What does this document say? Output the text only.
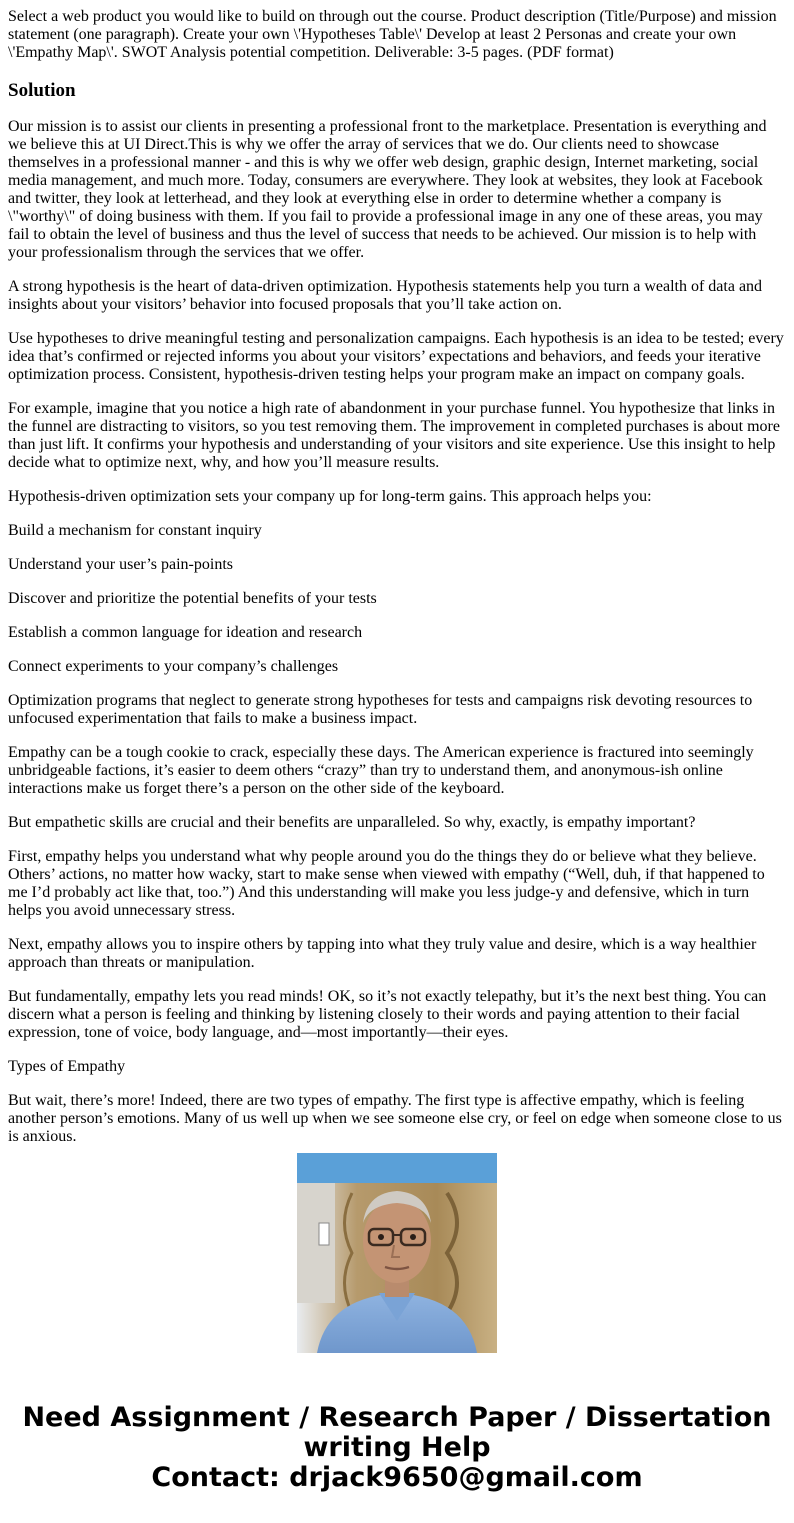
Select a web product you would like to build on through out the course. Product description (Title/Purpose) and mission statement (one paragraph). Create your own \'Hypotheses Table\' Develop at least 2 Personas and create your own \'Empathy Map\'. SWOT Analysis potential competition. Deliverable: 3-5 pages. (PDF format)

Solution

Our mission is to assist our clients in presenting a professional front to the marketplace. Presentation is everything and we believe this at UI Direct.This is why we offer the array of services that we do. Our clients need to showcase themselves in a professional manner - and this is why we offer web design, graphic design, Internet marketing, social media management, and much more. Today, consumers are everywhere. They look at websites, they look at Facebook and twitter, they look at letterhead, and they look at everything else in order to determine whether a company is \"worthy\" of doing business with them. If you fail to provide a professional image in any one of these areas, you may fail to obtain the level of business and thus the level of success that needs to be achieved. Our mission is to help with your professionalism through the services that we offer.

A strong hypothesis is the heart of data-driven optimization. Hypothesis statements help you turn a wealth of data and insights about your visitors’ behavior into focused proposals that you’ll take action on.

Use hypotheses to drive meaningful testing and personalization campaigns. Each hypothesis is an idea to be tested; every idea that’s confirmed or rejected informs you about your visitors’ expectations and behaviors, and feeds your iterative optimization process. Consistent, hypothesis-driven testing helps your program make an impact on company goals.

For example, imagine that you notice a high rate of abandonment in your purchase funnel. You hypothesize that links in the funnel are distracting to visitors, so you test removing them. The improvement in completed purchases is about more than just lift. It confirms your hypothesis and understanding of your visitors and site experience. Use this insight to help decide what to optimize next, why, and how you’ll measure results.

Hypothesis-driven optimization sets your company up for long-term gains. This approach helps you:

Build a mechanism for constant inquiry

Understand your user’s pain-points

Discover and prioritize the potential benefits of your tests

Establish a common language for ideation and research

Connect experiments to your company’s challenges

Optimization programs that neglect to generate strong hypotheses for tests and campaigns risk devoting resources to unfocused experimentation that fails to make a business impact.

Empathy can be a tough cookie to crack, especially these days. The American experience is fractured into seemingly unbridgeable factions, it’s easier to deem others “crazy” than try to understand them, and anonymous-ish online interactions make us forget there’s a person on the other side of the keyboard.

But empathetic skills are crucial and their benefits are unparalleled. So why, exactly, is empathy important?

First, empathy helps you understand what why people around you do the things they do or believe what they believe. Others’ actions, no matter how wacky, start to make sense when viewed with empathy (“Well, duh, if that happened to me I’d probably act like that, too.”) And this understanding will make you less judge-y and defensive, which in turn helps you avoid unnecessary stress.

Next, empathy allows you to inspire others by tapping into what they truly value and desire, which is a way healthier approach than threats or manipulation.

But fundamentally, empathy lets you read minds! OK, so it’s not exactly telepathy, but it’s the next best thing. You can discern what a person is feeling and thinking by listening closely to their words and paying attention to their facial expression, tone of voice, body language, and—most importantly—their eyes.

Types of Empathy

But wait, there’s more! Indeed, there are two types of empathy. The first type is affective empathy, which is feeling another person’s emotions. Many of us well up when we see someone else cry, or feel on edge when someone close to us is anxious.

Need Assignment / Research Paper / Dissertation writing Help
Contact: drjack9650@gmail.com
